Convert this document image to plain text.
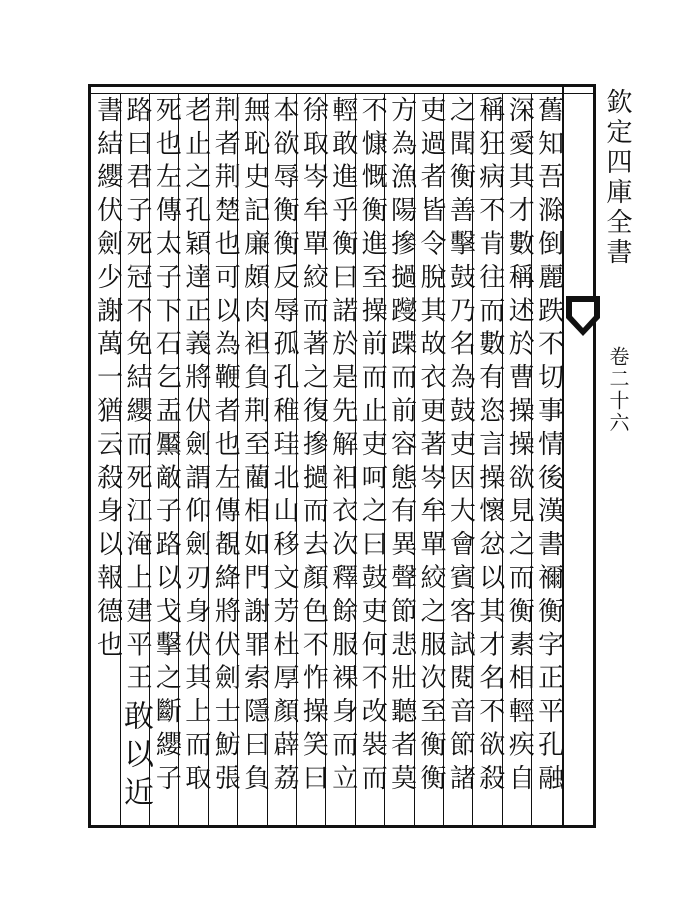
欽定四庫全書
卷二十六
舊知吾滁倒麗跌不切事情後漢書禰衡字正平孔融
深愛其才數稱述於曹操操欲見之而衡素相輕疾自
稱狂病不肯往而數有恣言操懷忿以其才名不欲殺
之聞衡善擊鼓乃名為鼓吏因大會賓客試閱音節諸
吏過者皆令脫其故衣更著岑牟單絞之服次至衡衡
方為漁陽摻撾躞蹀而前容態有異聲節悲壯聽者莫
不慷慨衡進至操前而止吏呵之曰鼓吏何不改裝而
輕敢進乎衡曰諾於是先解衵衣次釋餘服裸身而立
徐取岑牟單絞而著之復摻撾而去顏色不怍操笑曰
本欲辱衡衡反辱孤孔稚珪北山移文芳杜厚顏薜荔
無恥史記廉頗肉袒負荆至藺相如門謝罪索隱曰負
荆者荆楚也可以為鞭者也左傳覩絳將伏劍士魴張
老止之孔穎達正義將伏劍謂仰劍刃身伏其上而取
死也左傳太子下石乞盂黶敵子路以戈擊之斷纓子
路曰君子死冠不免結纓而死江淹上建平王
書結纓伏劍少謝萬一猶云殺身以報德也
敢以近
